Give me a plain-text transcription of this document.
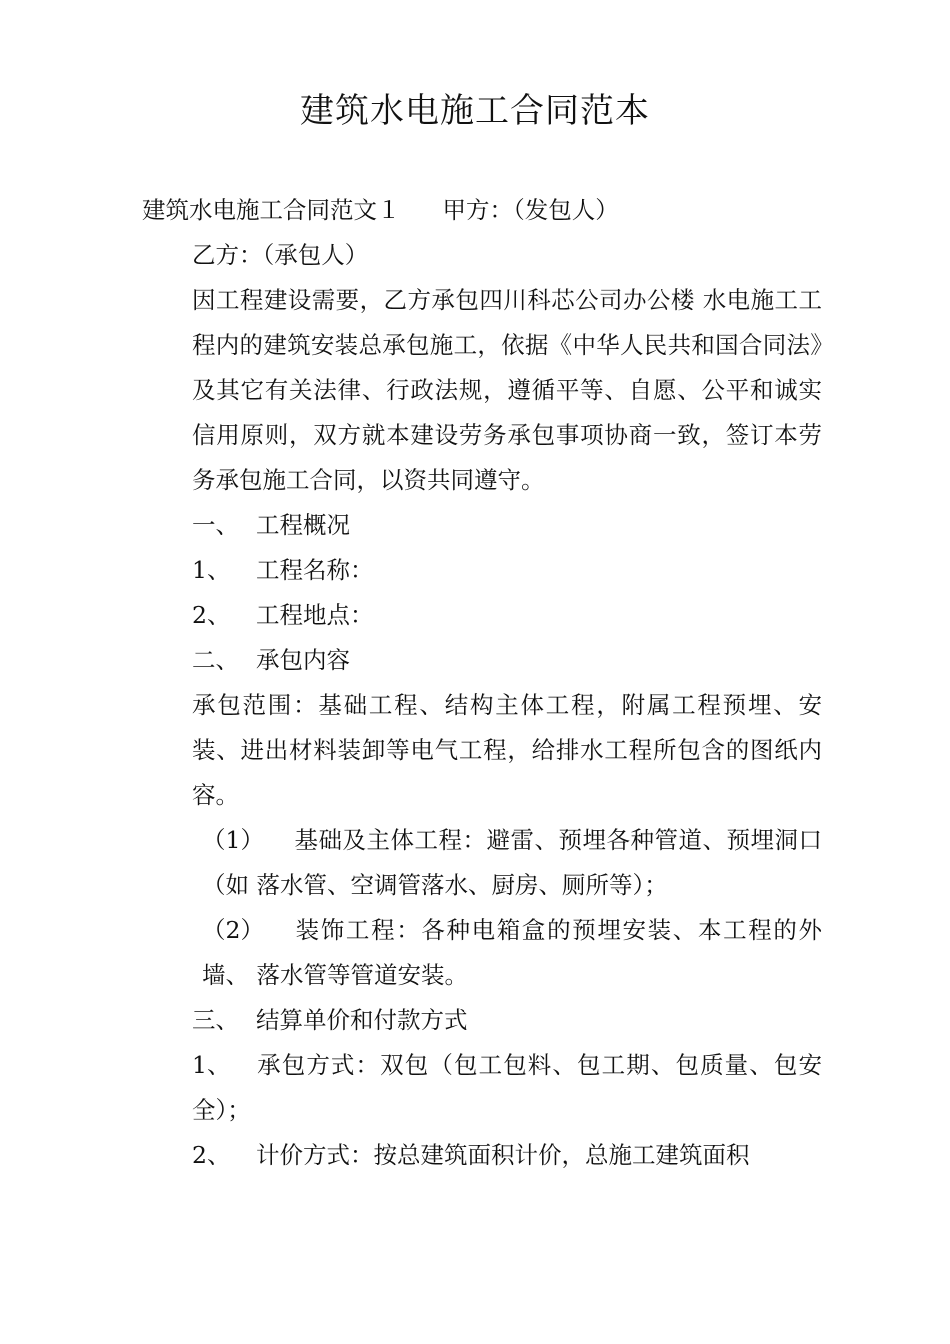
建筑水电施工合同范本

建筑水电施工合同范文１ 甲方：（发包人）

乙方：（承包人）

因工程建设需要，乙方承包四川科芯公司办公楼 水电施工工程内的建筑安装总承包施工，依据《中华人民共和国合同法》及其它有关法律、行政法规，遵循平等、自愿、公平和诚实信用原则，双方就本建设劳务承包事项协商一致，签订本劳务承包施工合同，以资共同遵守。

一、 工程概况

1、 工程名称：

2、 工程地点：

二、 承包内容

承包范围：基础工程、结构主体工程，附属工程预埋、安装、进出材料装卸等电气工程，给排水工程所包含的图纸内容。

（1） 基础及主体工程：避雷、预埋各种管道、预埋洞口（如 落水管、空调管落水、厨房、厕所等）；

（2） 装饰工程：各种电箱盒的预埋安装、本工程的外墙、 落水管等管道安装。

三、 结算单价和付款方式

1、 承包方式：双包（包工包料、包工期、包质量、包安 全）；

2、 计价方式：按总建筑面积计价，总施工建筑面积
